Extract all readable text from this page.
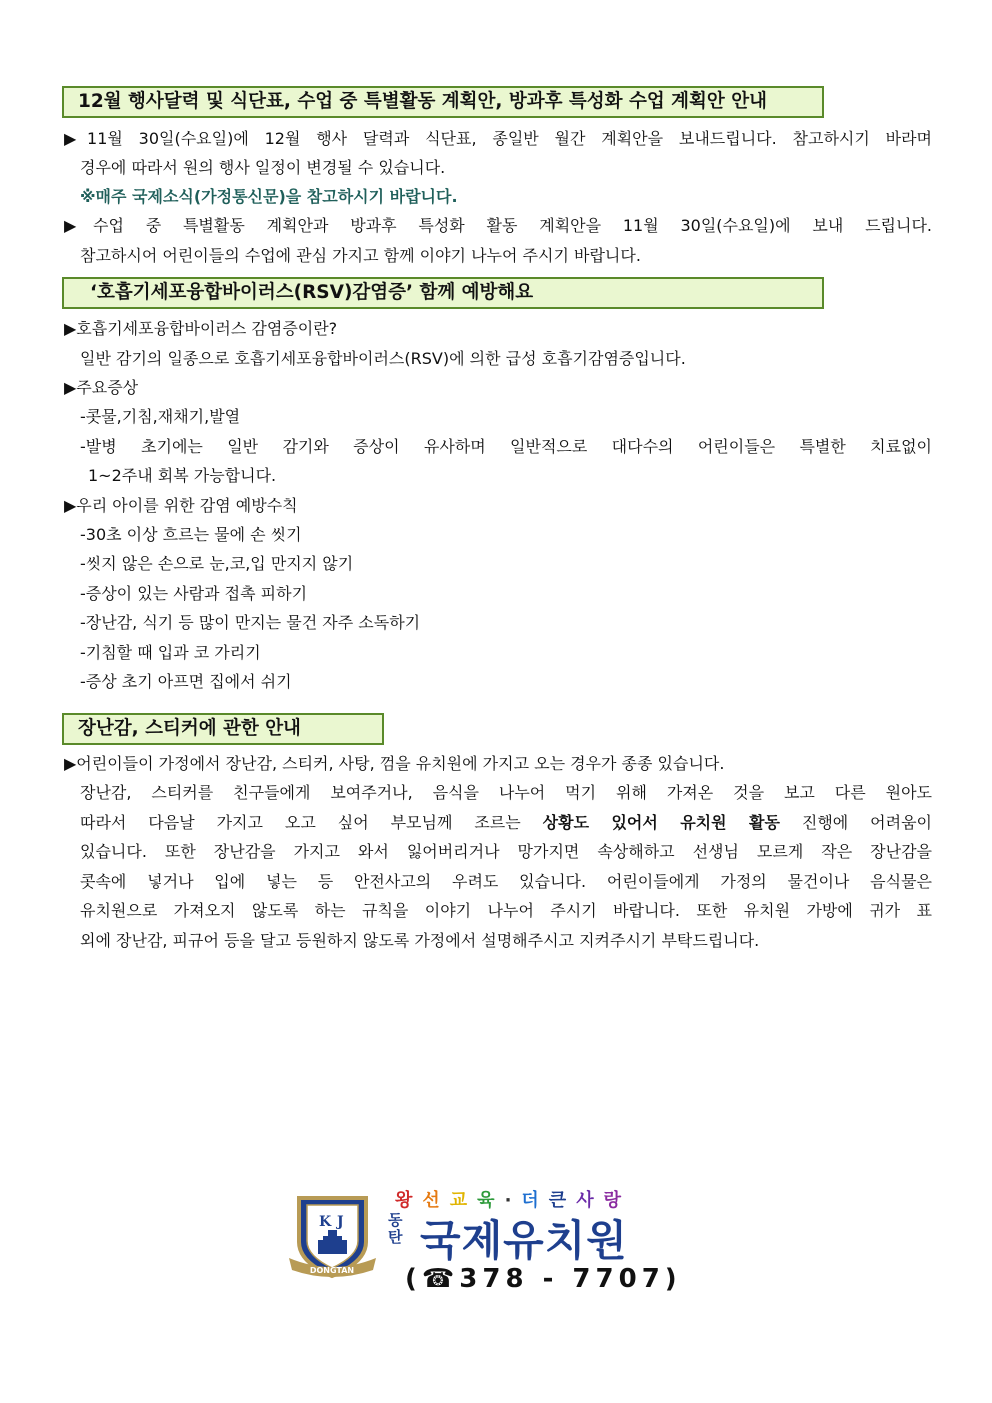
12월 행사달력 및 식단표, 수업 중 특별활동 계획안, 방과후 특성화 수업 계획안 안내
▶11월 30일(수요일)에 12월 행사 달력과 식단표, 종일반 월간 계획안을 보내드립니다. 참고하시기 바라며
경우에 따라서 원의 행사 일정이 변경될 수 있습니다.
※매주 국제소식(가정통신문)을 참고하시기 바랍니다.
▶수업 중 특별활동 계획안과 방과후 특성화 활동 계획안을 11월 30일(수요일)에 보내 드립니다.
참고하시어 어린이들의 수업에 관심 가지고 함께 이야기 나누어 주시기 바랍니다.
‘호흡기세포융합바이러스(RSV)감염증’ 함께 예방해요
▶호흡기세포융합바이러스 감염증이란?
일반 감기의 일종으로 호흡기세포융합바이러스(RSV)에 의한 급성 호흡기감염증입니다.
▶주요증상
-콧물,기침,재채기,발열
-발병 초기에는 일반 감기와 증상이 유사하며 일반적으로 대다수의 어린이들은 특별한 치료없이
1~2주내 회복 가능합니다.
▶우리 아이를 위한 감염 예방수칙
-30초 이상 흐르는 물에 손 씻기
-씻지 않은 손으로 눈,코,입 만지지 않기
-증상이 있는 사람과 접촉 피하기
-장난감, 식기 등 많이 만지는 물건 자주 소독하기
-기침할 때 입과 코 가리기
-증상 초기 아프면 집에서 쉬기
장난감, 스티커에 관한 안내
▶어린이들이 가정에서 장난감, 스티커, 사탕, 껌을 유치원에 가지고 오는 경우가 종종 있습니다.
장난감, 스티커를 친구들에게 보여주거나, 음식을 나누어 먹기 위해 가져온 것을 보고 다른 원아도
따라서 다음날 가지고 오고 싶어 부모님께 조르는 상황도 있어서 유치원 활동 진행에 어려움이
있습니다. 또한 장난감을 가지고 와서 잃어버리거나 망가지면 속상해하고 선생님 모르게 작은 장난감을
콧속에 넣거나 입에 넣는 등 안전사고의 우려도 있습니다. 어린이들에게 가정의 물건이나 음식물은
유치원으로 가져오지 않도록 하는 규칙을 이야기 나누어 주시기 바랍니다. 또한 유치원 가방에 귀가 표
외에 장난감, 피규어 등을 달고 등원하지 않도록 가정에서 설명해주시고 지켜주시기 부탁드립니다.
K J
DONGTAN
왕선교육·더큰사랑
동
탄 국제유치원
(☎378 - 7707)
